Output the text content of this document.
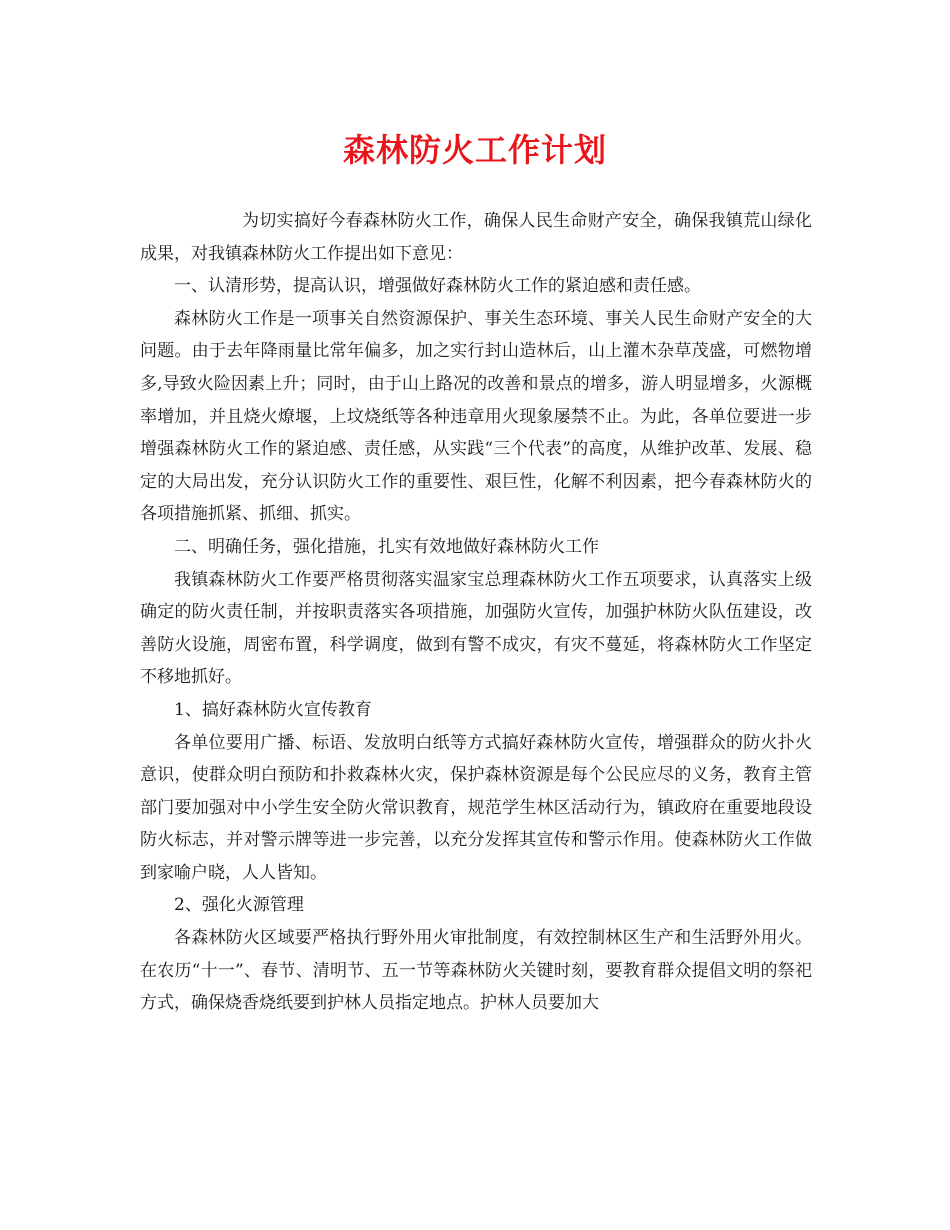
森林防火工作计划

为切实搞好今春森林防火工作，确保人民生命财产安全，确保我镇荒山绿化成果，对我镇森林防火工作提出如下意见：

一、认清形势，提高认识，增强做好森林防火工作的紧迫感和责任感。

森林防火工作是一项事关自然资源保护、事关生态环境、事关人民生命财产安全的大问题。由于去年降雨量比常年偏多，加之实行封山造林后，山上灌木杂草茂盛，可燃物增多,导致火险因素上升；同时，由于山上路况的改善和景点的增多，游人明显增多，火源概率增加，并且烧火燎堰，上坟烧纸等各种违章用火现象屡禁不止。为此，各单位要进一步增强森林防火工作的紧迫感、责任感，从实践“三个代表”的高度，从维护改革、发展、稳定的大局出发，充分认识防火工作的重要性、艰巨性，化解不利因素，把今春森林防火的各项措施抓紧、抓细、抓实。

二、明确任务，强化措施，扎实有效地做好森林防火工作

我镇森林防火工作要严格贯彻落实温家宝总理森林防火工作五项要求，认真落实上级确定的防火责任制，并按职责落实各项措施，加强防火宣传，加强护林防火队伍建设，改善防火设施，周密布置，科学调度，做到有警不成灾，有灾不蔓延，将森林防火工作坚定不移地抓好。

1、搞好森林防火宣传教育

各单位要用广播、标语、发放明白纸等方式搞好森林防火宣传，增强群众的防火扑火意识，使群众明白预防和扑救森林火灾，保护森林资源是每个公民应尽的义务，教育主管部门要加强对中小学生安全防火常识教育，规范学生林区活动行为，镇政府在重要地段设防火标志，并对警示牌等进一步完善，以充分发挥其宣传和警示作用。使森林防火工作做到家喻户晓，人人皆知。

2、强化火源管理

各森林防火区域要严格执行野外用火审批制度，有效控制林区生产和生活野外用火。在农历“十一”、春节、清明节、五一节等森林防火关键时刻，要教育群众提倡文明的祭祀方式，确保烧香烧纸要到护林人员指定地点。护林人员要加大
